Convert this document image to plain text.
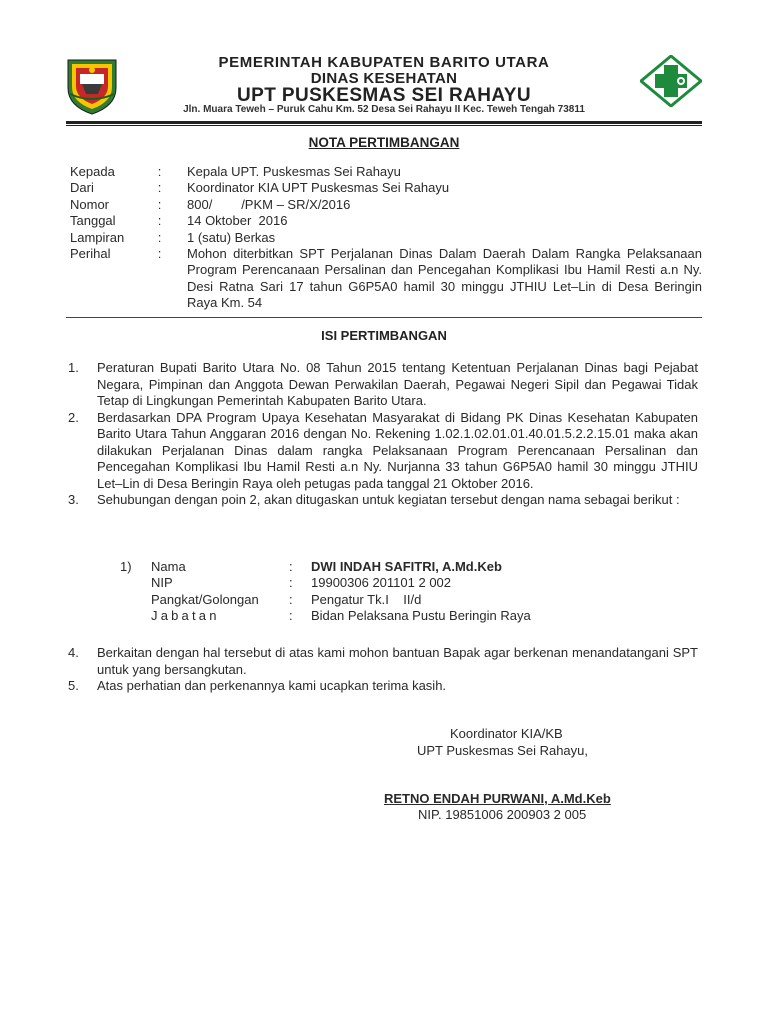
PEMERINTAH KABUPATEN BARITO UTARA
DINAS KESEHATAN
UPT PUSKESMAS SEI RAHAYU
Jln. Muara Teweh – Puruk Cahu Km. 52 Desa Sei Rahayu II Kec. Teweh Tengah 73811
NOTA PERTIMBANGAN
Kepada	:	Kepala UPT. Puskesmas Sei Rahayu
Dari	:	Koordinator KIA UPT Puskesmas Sei Rahayu
Nomor	:	800/        /PKM – SR/X/2016
Tanggal	:	14 Oktober  2016
Lampiran	:	1 (satu) Berkas
Perihal	:	Mohon diterbitkan SPT Perjalanan Dinas Dalam Daerah Dalam Rangka Pelaksanaan Program Perencanaan Persalinan dan Pencegahan Komplikasi Ibu Hamil Resti a.n Ny. Desi Ratna Sari 17 tahun G6P5A0 hamil 30 minggu JTHIU Let–Lin di Desa Beringin Raya Km. 54
ISI PERTIMBANGAN
1.	Peraturan Bupati Barito Utara No. 08 Tahun 2015 tentang Ketentuan Perjalanan Dinas bagi Pejabat Negara, Pimpinan dan Anggota Dewan Perwakilan Daerah, Pegawai Negeri Sipil dan Pegawai Tidak Tetap di Lingkungan Pemerintah Kabupaten Barito Utara.
2.	Berdasarkan DPA Program Upaya Kesehatan Masyarakat di Bidang PK Dinas Kesehatan Kabupaten Barito Utara Tahun Anggaran 2016 dengan No. Rekening 1.02.1.02.01.01.40.01.5.2.2.15.01 maka akan dilakukan Perjalanan Dinas dalam rangka Pelaksanaan Program Perencanaan Persalinan dan Pencegahan Komplikasi Ibu Hamil Resti a.n Ny. Nurjanna 33 tahun G6P5A0 hamil 30 minggu JTHIU Let–Lin di Desa Beringin Raya oleh petugas pada tanggal 21 Oktober 2016.
3.	Sehubungan dengan poin 2, akan ditugaskan untuk kegiatan tersebut dengan nama sebagai berikut :
1)	Nama	:	DWI INDAH SAFITRI, A.Md.Keb
NIP	:	19900306 201101 2 002
Pangkat/Golongan	:	Pengatur Tk.I    II/d
Jabatan	:	Bidan Pelaksana Pustu Beringin Raya
4.	Berkaitan dengan hal tersebut di atas kami mohon bantuan Bapak agar berkenan menandatangani SPT untuk yang bersangkutan.
5.	Atas perhatian dan perkenannya kami ucapkan terima kasih.
Koordinator KIA/KB
UPT Puskesmas Sei Rahayu,
RETNO ENDAH PURWANI, A.Md.Keb
NIP. 19851006 200903 2 005
